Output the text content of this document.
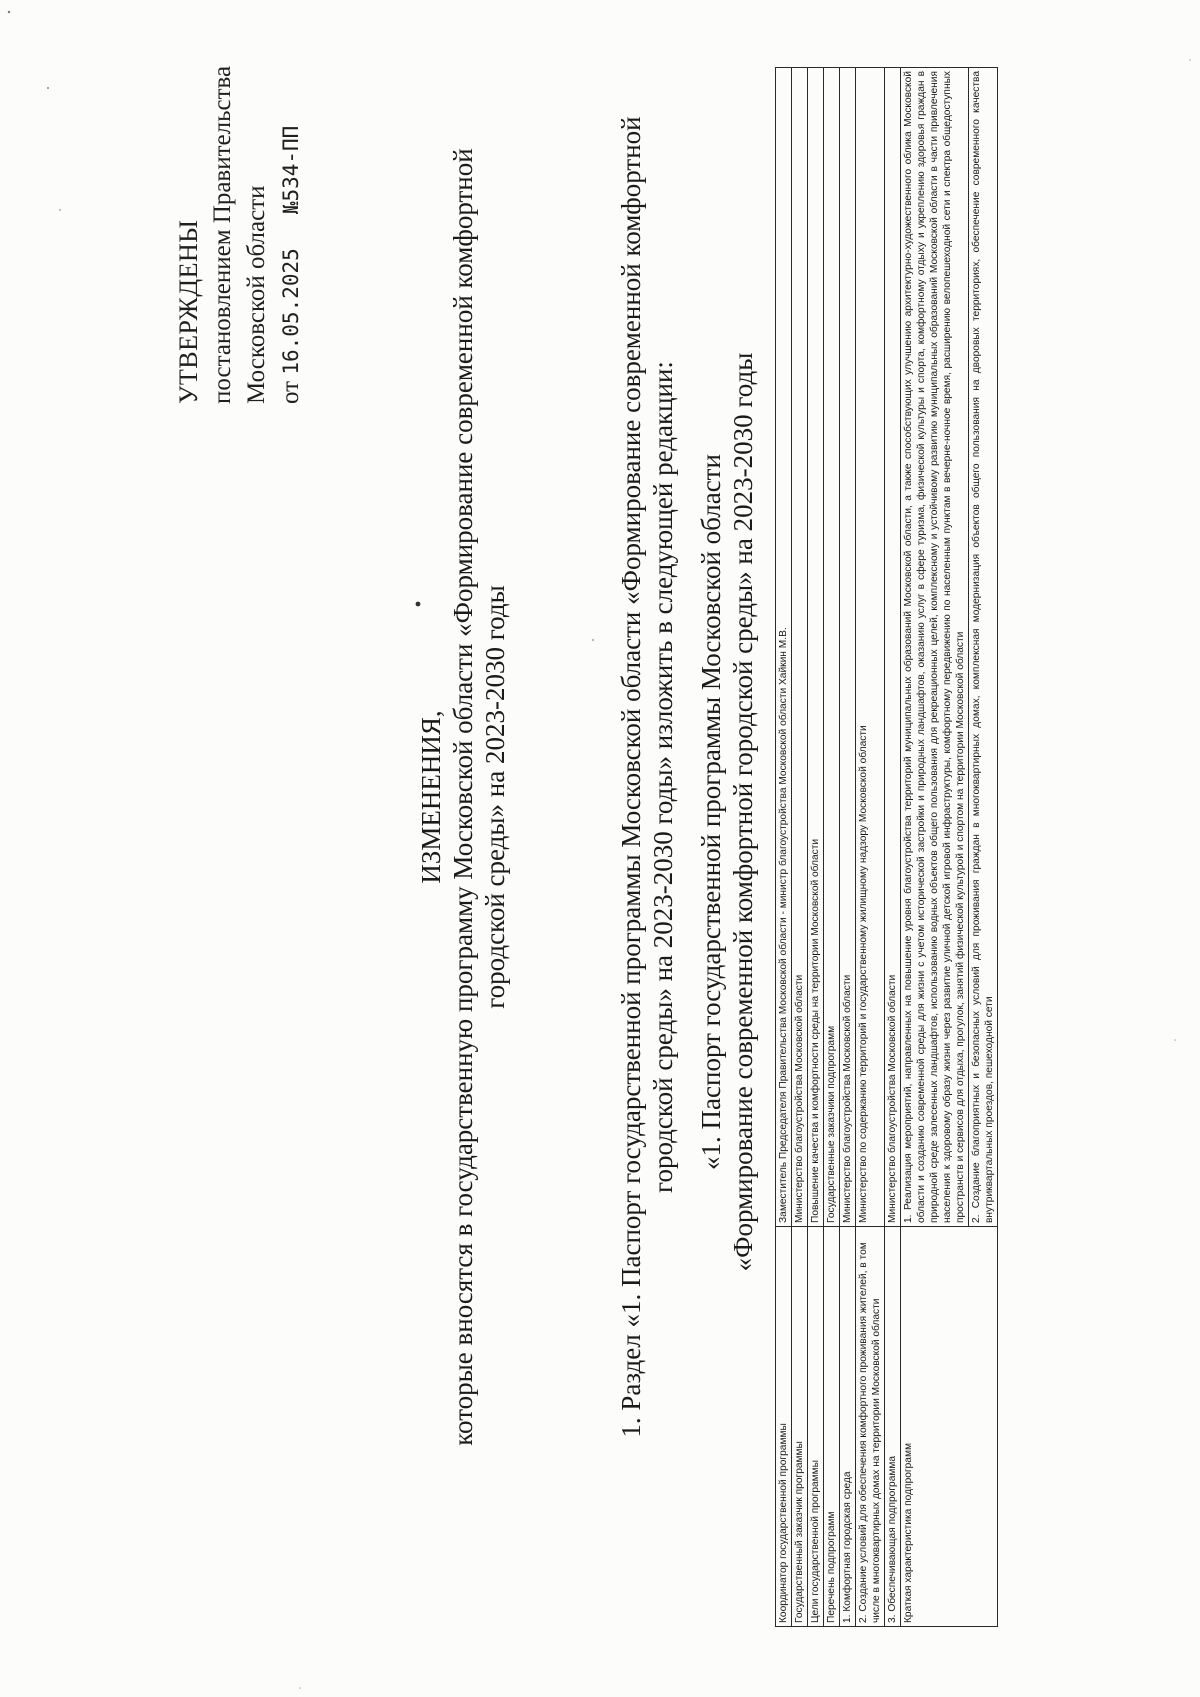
УТВЕРЖДЕНЫ постановлением Правительства Московской области от 16.05.2025№534-ПП
ИЗМЕНЕНИЯ, которые вносятся в государственную программу Московской области «Формирование современной комфортной городской среды» на 2023-2030 годы	1. Раздел «1. Паспорт государственной программы Московской области «Формирование современной комфортной городской среды» на 2023-2030 годы» изложить в следующей редакции: «1. Паспорт государственной программы Московской области «Формирование современной комфортной городской среды» на 2023-2030 годы
Координатор государственной программы	Заместитель Председателя Правительства Московской области - министр благоустройства Московской области Хайкин М.В.
Государственный заказчик программы	Министерство благоустройства Московской области
Цели государственной программы	Повышение качества и комфортности среды на территории Московской области
Перечень подпрограмм	Государственные заказчики подпрограмм
1. Комфортная городская среда	Министерство благоустройства Московской области
2. Создание условий для обеспечения комфортного проживания жителей, в том числе в многоквартирных домах на территории Московской области	Министерство по содержанию территорий и государственному жилищному надзору Московской области
3. Обеспечивающая подпрограмма	Министерство благоустройства Московской области
Краткая характеристика подпрограмм	1. Реализация мероприятий, направленных на повышение уровня благоустройства территорий муниципальных образований Московской области, а также способствующих улучшению архитектурно-художественного облика Московской области и созданию современной среды для жизни с учетом исторической застройки и природных ландшафтов, оказанию услуг в сфере туризма, физической культуры и спорта, комфортному отдыху и укреплению здоровья граждан в природной среде залесенных ландшафтов, использованию водных объектов общего пользования для рекреационных целей, комплексному и устойчивому развитию муниципальных образований Московской области в части привлечения населения к здоровому образу жизни через развитие уличной детской игровой инфраструктуры, комфортному передвижению по населенным пунктам в вечерне-ночное время, расширению велопешеходной сети и спектра общедоступных пространств и сервисов для отдыха, прогулок, занятий физической культурой и спортом на территории Московской области
	2. Создание благоприятных и безопасных условий для проживания граждан в многоквартирных домах, комплексная модернизация объектов общего пользования на дворовых территориях, обеспечение современного качества внутриквартальных проездов, пешеходной сети
